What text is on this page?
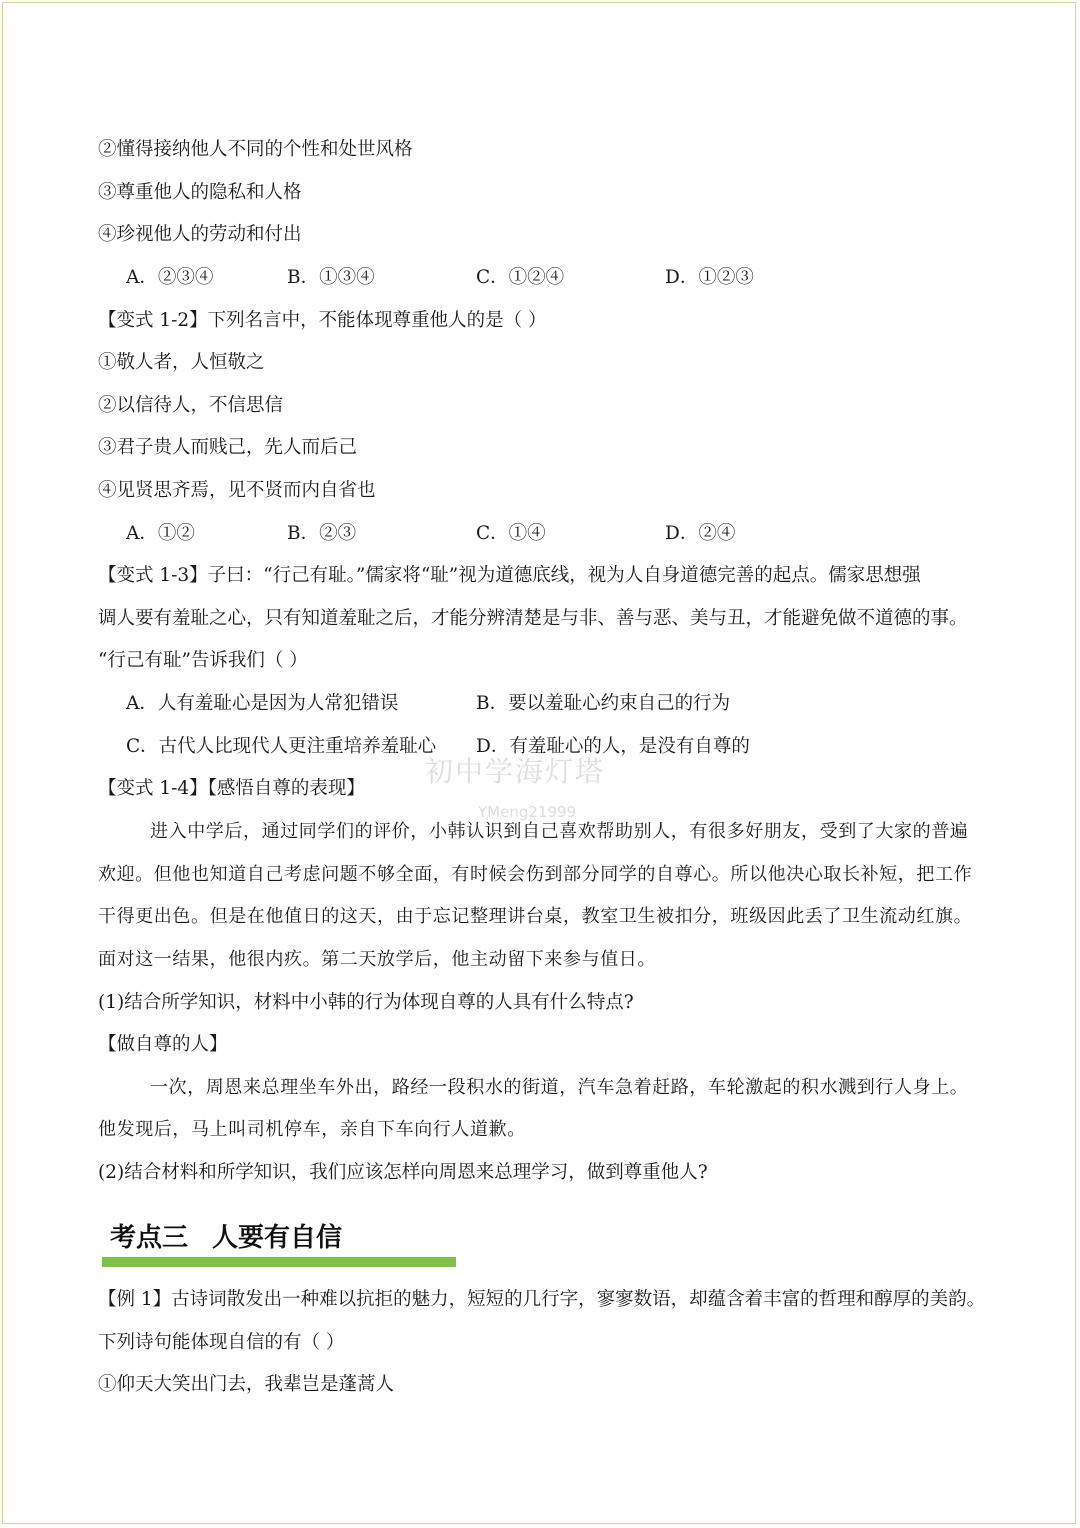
②懂得接纳他人不同的个性和处世风格
③尊重他人的隐私和人格
④珍视他人的劳动和付出
A．②③④	B．①③④	C．①②④	D．①②③
【变式 1-2】下列名言中，不能体现尊重他人的是（ ）
①敬人者，人恒敬之
②以信待人，不信思信
③君子贵人而贱己，先人而后己
④见贤思齐焉，见不贤而内自省也
A．①②	B．②③	C．①④	D．②④
【变式 1-3】子曰：“行己有耻。”儒家将“耻”视为道德底线，视为人自身道德完善的起点。儒家思想强
调人要有羞耻之心，只有知道羞耻之后，才能分辨清楚是与非、善与恶、美与丑，才能避免做不道德的事。
“行己有耻”告诉我们（ ）
A．人有羞耻心是因为人常犯错误	B．要以羞耻心约束自己的行为
C．古代人比现代人更注重培养羞耻心 D．有羞耻心的人，是没有自尊的
初中学海灯塔
YMeng21999
【变式 1-4】【感悟自尊的表现】
进入中学后，通过同学们的评价，小韩认识到自己喜欢帮助别人，有很多好朋友，受到了大家的普遍
欢迎。但他也知道自己考虑问题不够全面，有时候会伤到部分同学的自尊心。所以他决心取长补短，把工作
干得更出色。但是在他值日的这天，由于忘记整理讲台桌，教室卫生被扣分，班级因此丢了卫生流动红旗。
面对这一结果，他很内疚。第二天放学后，他主动留下来参与值日。
(1)结合所学知识，材料中小韩的行为体现自尊的人具有什么特点?
【做自尊的人】
一次，周恩来总理坐车外出，路经一段积水的街道，汽车急着赶路，车轮激起的积水溅到行人身上。
他发现后，马上叫司机停车，亲自下车向行人道歉。
(2)结合材料和所学知识，我们应该怎样向周恩来总理学习，做到尊重他人?
考点三 人要有自信
【例 1】古诗词散发出一种难以抗拒的魅力，短短的几行字，寥寥数语，却蕴含着丰富的哲理和醇厚的美韵。
下列诗句能体现自信的有（ ）
①仰天大笑出门去，我辈岂是蓬蒿人
